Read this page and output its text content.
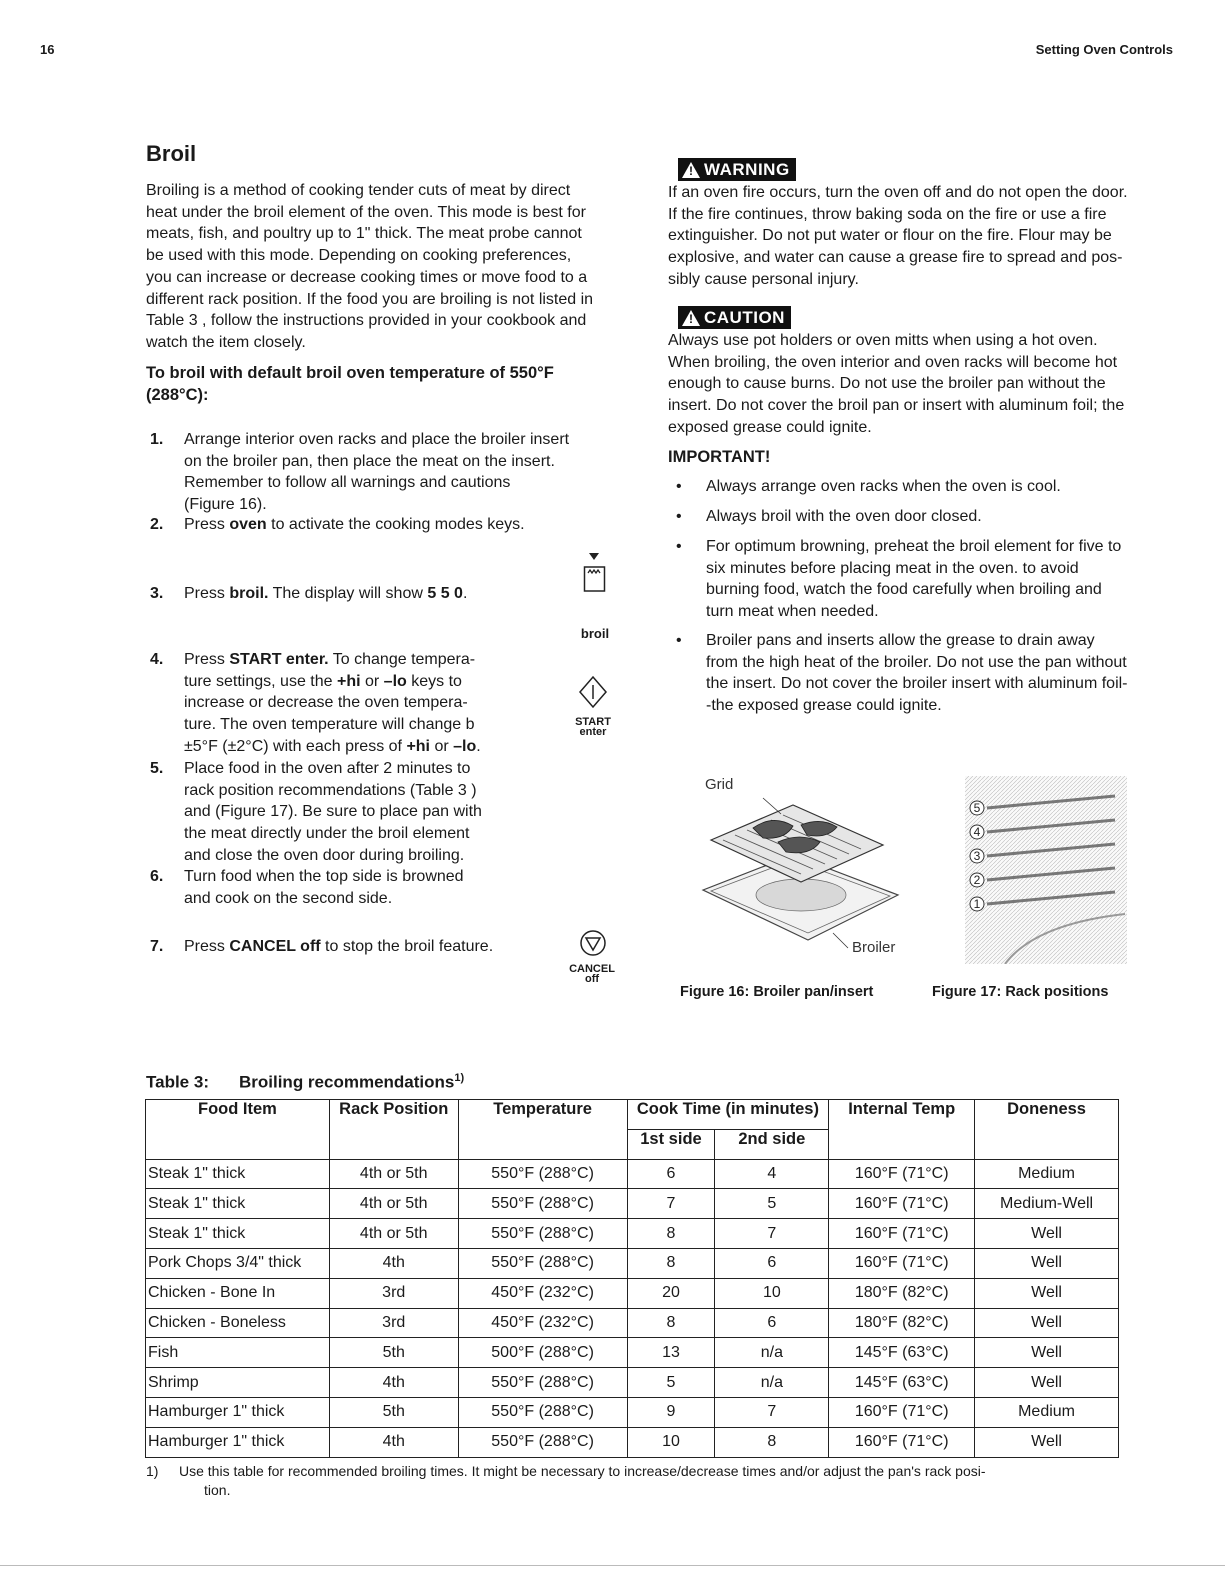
16	Setting Oven Controls
Broil
Broiling is a method of cooking tender cuts of meat by direct
heat under the broil element of the oven. This mode is best for
meats, fish, and poultry up to 1" thick. The meat probe cannot
be used with this mode. Depending on cooking preferences,
you can increase or decrease cooking times or move food to a
different rack position. If the food you are broiling is not listed in
Table 3 , follow the instructions provided in your cookbook and
watch the item closely.
To broil with default broil oven temperature of 550°F
(288°C):
1. Arrange interior oven racks and place the broiler insert
on the broiler pan, then place the meat on the insert.
Remember to follow all warnings and cautions
(Figure 16).
2. Press oven to activate the cooking modes keys.
3. Press broil. The display will show 5 5 0.
4. Press START enter. To change tempera-
ture settings, use the +hi or –lo keys to
increase or decrease the oven tempera-
ture. The oven temperature will change b
±5°F (±2°C) with each press of +hi or –lo.
5. Place food in the oven after 2 minutes to
rack position recommendations (Table 3 )
and (Figure 17). Be sure to place pan with
the meat directly under the broil element
and close the oven door during broiling.
6. Turn food when the top side is browned
and cook on the second side.
7. Press CANCEL off to stop the broil feature.
broil
START
enter
CANCEL
off
!
WARNING
If an oven fire occurs, turn the oven off and do not open the door.
If the fire continues, throw baking soda on the fire or use a fire
extinguisher. Do not put water or flour on the fire. Flour may be
explosive, and water can cause a grease fire to spread and pos-
sibly cause personal injury.
!
CAUTION
Always use pot holders or oven mitts when using a hot oven.
When broiling, the oven interior and oven racks will become hot
enough to cause burns. Do not use the broiler pan without the
insert. Do not cover the broil pan or insert with aluminum foil; the
exposed grease could ignite.
IMPORTANT!
• Always arrange oven racks when the oven is cool.
• Always broil with the oven door closed.
• For optimum browning, preheat the broil element for five to
six minutes before placing meat in the oven. to avoid
burning food, watch the food carefully when broiling and
turn meat when needed.
• Broiler pans and inserts allow the grease to drain away
from the high heat of the broiler. Do not use the pan without
the insert. Do not cover the broiler insert with aluminum foil-
-the exposed grease could ignite.
Grid
Broiler
Figure 16: Broiler pan/insert
5
4
3
2
1
Figure 17: Rack positions
Table 3: Broiling recommendations$^{1)}$
Food Item	Rack Position	Temperature	Cook Time (in minutes)		Internal Temp	Doneness
			1st side	2nd side		
Steak 1" thick	4th or 5th	550°F (288°C)	6	4	160°F (71°C)	Medium
Steak 1" thick	4th or 5th	550°F (288°C)	7	5	160°F (71°C)	Medium-Well
Steak 1" thick	4th or 5th	550°F (288°C)	8	7	160°F (71°C)	Well
Pork Chops 3/4" thick	4th	550°F (288°C)	8	6	160°F (71°C)	Well
Chicken - Bone In	3rd	450°F (232°C)	20	10	180°F (82°C)	Well
Chicken - Boneless	3rd	450°F (232°C)	8	6	180°F (82°C)	Well
Fish	5th	500°F (288°C)	13	n/a	145°F (63°C)	Well
Shrimp	4th	550°F (288°C)	5	n/a	145°F (63°C)	Well
Hamburger 1" thick	5th	550°F (288°C)	9	7	160°F (71°C)	Medium
Hamburger 1" thick	4th	550°F (288°C)	10	8	160°F (71°C)	Well
1) Use this table for recommended broiling times. It might be necessary to increase/decrease times and/or adjust the pan's rack posi-
tion.
